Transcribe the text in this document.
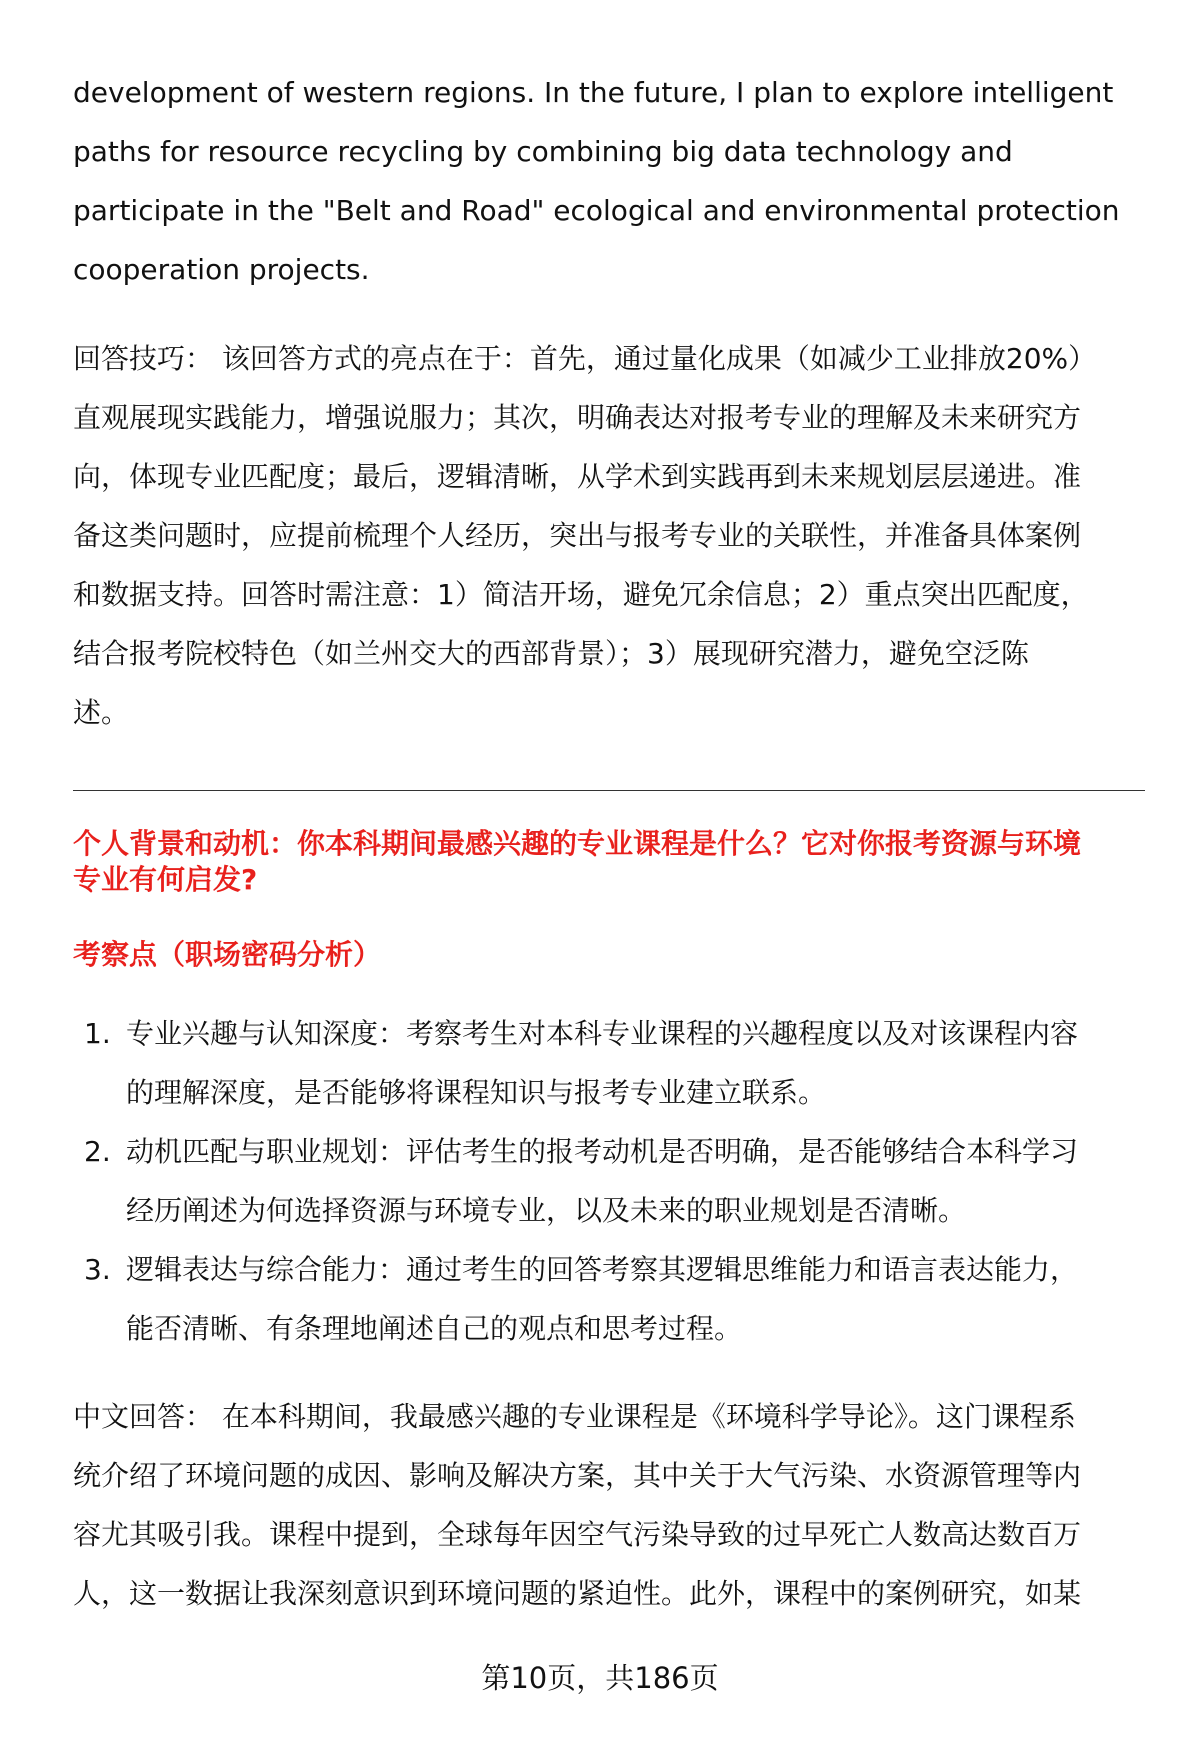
development of western regions. In the future, I plan to explore intelligent
paths for resource recycling by combining big data technology and
participate in the "Belt and Road" ecological and environmental protection
cooperation projects.
回答技巧： 该回答方式的亮点在于：首先，通过量化成果（如减少工业排放20%）
直观展现实践能力，增强说服力；其次，明确表达对报考专业的理解及未来研究方
向，体现专业匹配度；最后，逻辑清晰，从学术到实践再到未来规划层层递进。准
备这类问题时，应提前梳理个人经历，突出与报考专业的关联性，并准备具体案例
和数据支持。回答时需注意：1）简洁开场，避免冗余信息；2）重点突出匹配度，
结合报考院校特色（如兰州交大的西部背景）；3）展现研究潜力，避免空泛陈
述。
个人背景和动机：你本科期间最感兴趣的专业课程是什么？它对你报考资源与环境
专业有何启发?
考察点（职场密码分析）
1. 专业兴趣与认知深度：考察考生对本科专业课程的兴趣程度以及对该课程内容
的理解深度，是否能够将课程知识与报考专业建立联系。
2. 动机匹配与职业规划：评估考生的报考动机是否明确，是否能够结合本科学习
经历阐述为何选择资源与环境专业，以及未来的职业规划是否清晰。
3. 逻辑表达与综合能力：通过考生的回答考察其逻辑思维能力和语言表达能力，
能否清晰、有条理地阐述自己的观点和思考过程。
中文回答： 在本科期间，我最感兴趣的专业课程是《环境科学导论》。这门课程系
统介绍了环境问题的成因、影响及解决方案，其中关于大气污染、水资源管理等内
容尤其吸引我。课程中提到，全球每年因空气污染导致的过早死亡人数高达数百万
人，这一数据让我深刻意识到环境问题的紧迫性。此外，课程中的案例研究，如某
第10页，共186页
